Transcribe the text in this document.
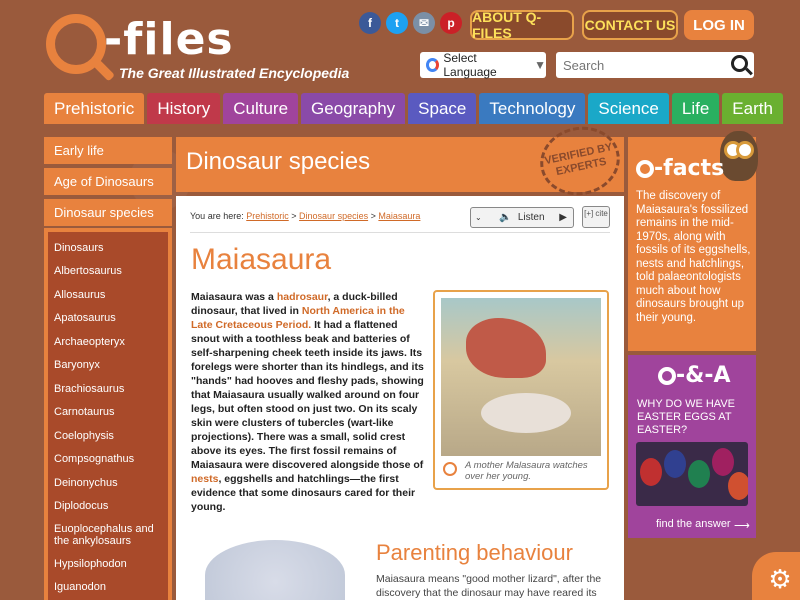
-files
The Great Illustrated Encyclopedia
f	t	✉	p	ABOUT Q-FILES	CONTACT US	LOG IN
Select Language	▼
Search
Prehistoric	History	Culture	Geography	Space	Technology	Science	Life	Earth
Early life
Age of Dinosaurs
Dinosaur species
Dinosaurs
Albertosaurus
Allosaurus
Apatosaurus
Archaeopteryx
Baryonyx
Brachiosaurus
Carnotaurus
Coelophysis
Compsognathus
Deinonychus
Diplodocus
Euoplocephalus and the ankylosaurs
Hypsilophodon
Iguanodon
Dinosaur species	VERIFIED BY EXPERTS
You are here: Prehistoric > Dinosaur species > Maiasaura	⌄ 🔈 Listen ▶ [+] cite
Maiasaura
Maiasaura was a hadrosaur, a duck-billed dinosaur, that lived in North America in the Late Cretaceous Period. It had a flattened snout with a toothless beak and batteries of self-sharpening cheek teeth inside its jaws. Its forelegs were shorter than its hindlegs, and its "hands" had hooves and fleshy pads, showing that Maiasaura usually walked around on four legs, but often stood on just two. On its scaly skin were clusters of tubercles (wart-like projections). There was a small, solid crest above its eyes. The first fossil remains of Maiasaura were discovered alongside those of nests, eggshells and hatchlings—the first evidence that some dinosaurs cared for their young.
A mother Malasaura watches over her young.
Parenting behaviour
Maiasaura means "good mother lizard", after the discovery that the dinosaur may have reared its
-facts
The discovery of Maiasaura's fossilized remains in the mid-1970s, along with fossils of its eggshells, nests and hatchlings, told palaeontologists much about how dinosaurs brought up their young.
-&-A
WHY DO WE HAVE EASTER EGGS AT EASTER?
find the answer ⟶
⚙
